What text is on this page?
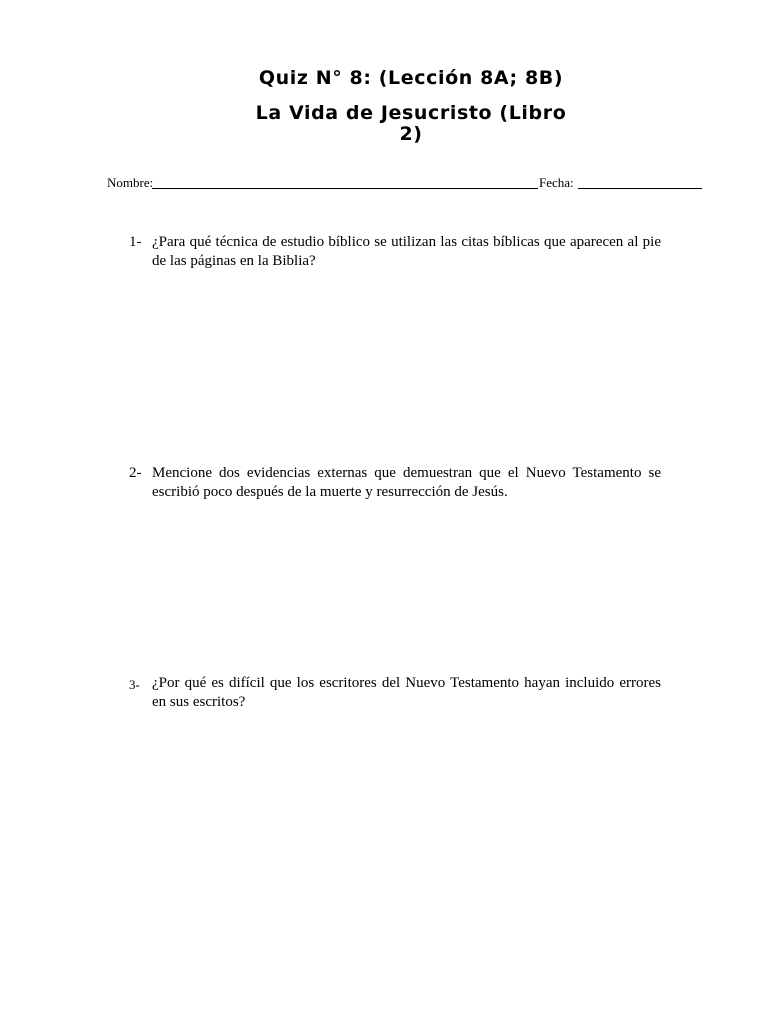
Quiz N° 8: (Lección 8A; 8B)
La Vida de Jesucristo (Libro 2)
Nombre:	Fecha:
1- ¿Para qué técnica de estudio bíblico se utilizan las citas bíblicas que aparecen al pie de las páginas en la Biblia?
2- Mencione dos evidencias externas que demuestran que el Nuevo Testamento se escribió poco después de la muerte y resurrección de Jesús.
3- ¿Por qué es difícil que los escritores del Nuevo Testamento hayan incluido errores en sus escritos?
